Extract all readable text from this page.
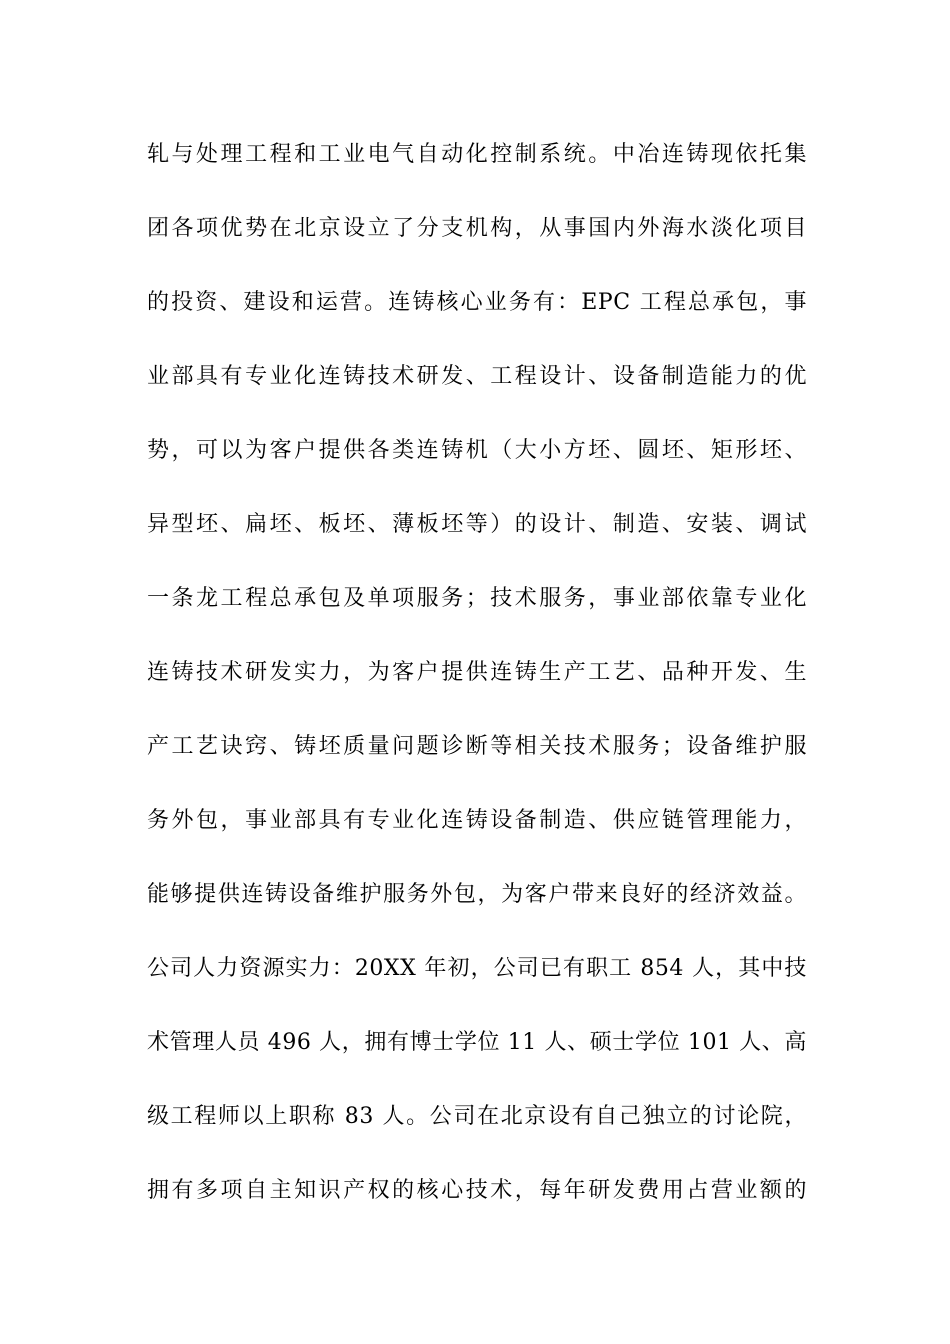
轧与处理工程和工业电气自动化控制系统。中冶连铸现依托集
团各项优势在北京设立了分支机构，从事国内外海水淡化项目
的投资、建设和运营。连铸核心业务有：EPC 工程总承包，事
业部具有专业化连铸技术研发、工程设计、设备制造能力的优
势，可以为客户提供各类连铸机（大小方坯、圆坯、矩形坯、
异型坯、扁坯、板坯、薄板坯等）的设计、制造、安装、调试
一条龙工程总承包及单项服务；技术服务，事业部依靠专业化
连铸技术研发实力，为客户提供连铸生产工艺、品种开发、生
产工艺诀窍、铸坯质量问题诊断等相关技术服务；设备维护服
务外包，事业部具有专业化连铸设备制造、供应链管理能力，
能够提供连铸设备维护服务外包，为客户带来良好的经济效益。
公司人力资源实力：20XX 年初，公司已有职工 854 人，其中技
术管理人员 496 人，拥有博士学位 11 人、硕士学位 101 人、高
级工程师以上职称 83 人。公司在北京设有自己独立的讨论院，
拥有多项自主知识产权的核心技术，每年研发费用占营业额的
